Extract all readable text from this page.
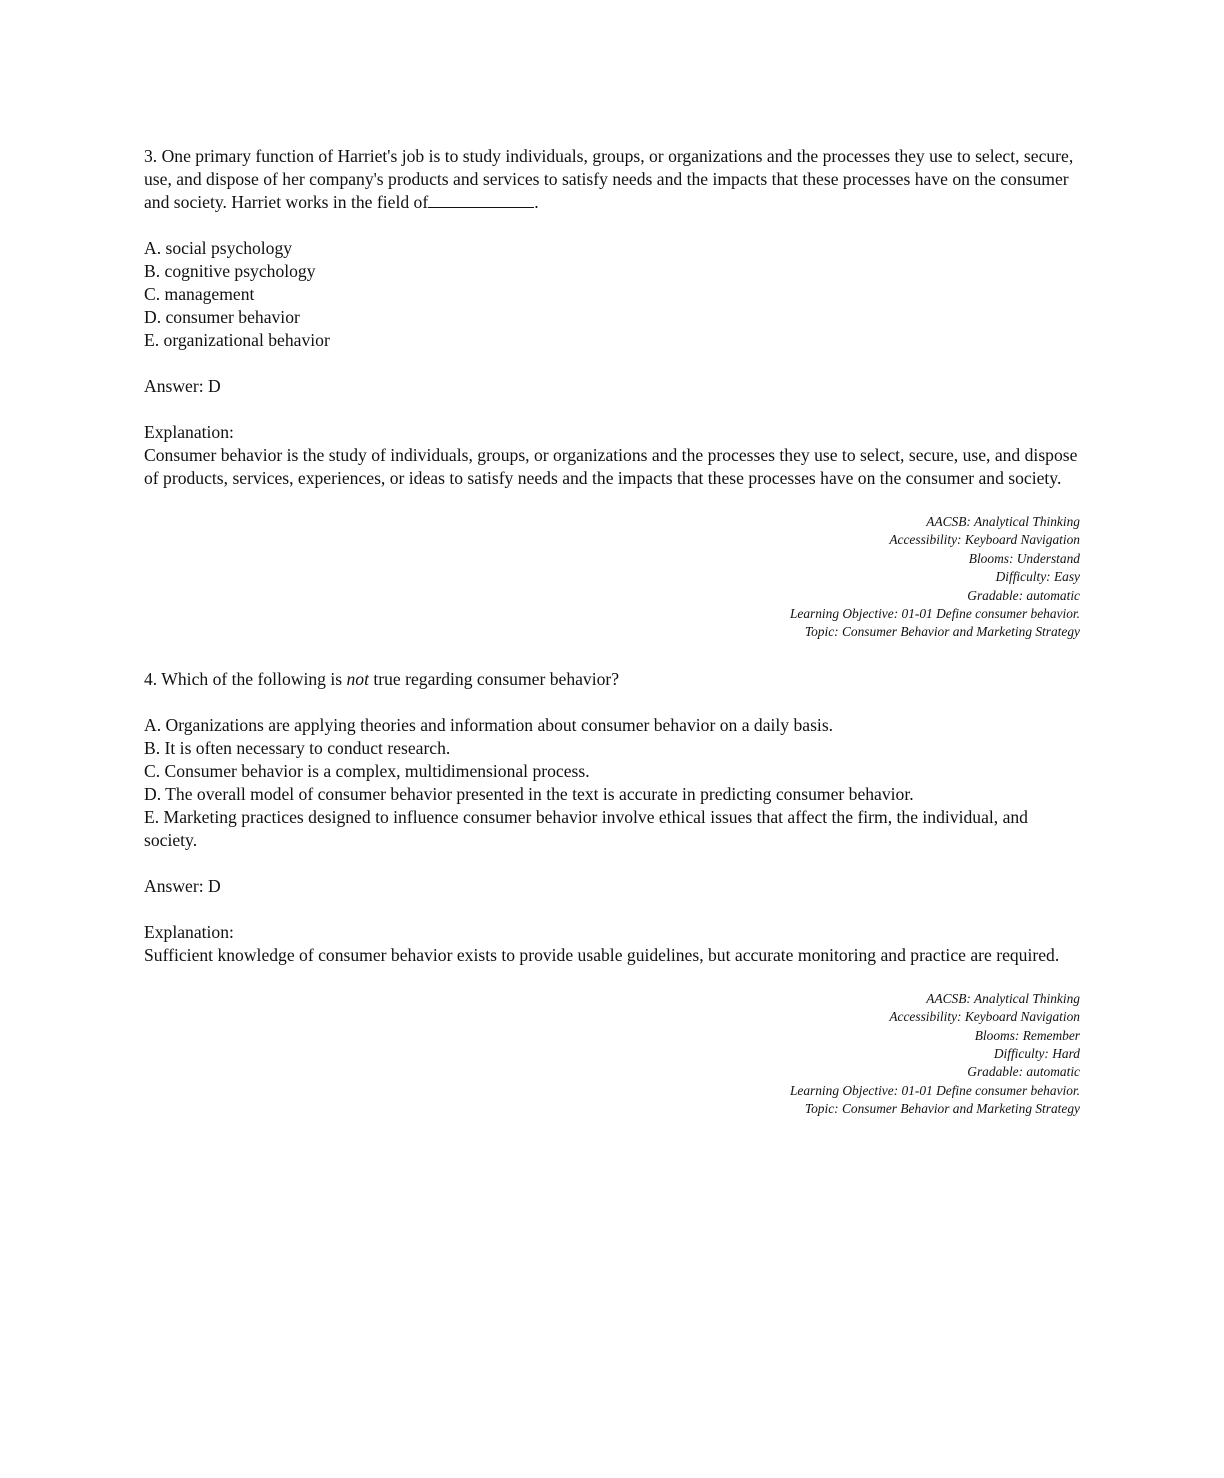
3. One primary function of Harriet's job is to study individuals, groups, or organizations and the processes they use to select, secure, use, and dispose of her company's products and services to satisfy needs and the impacts that these processes have on the consumer and society. Harriet works in the field of	.

A. social psychology

B. cognitive psychology

C. management

D. consumer behavior

E. organizational behavior

Answer: D

Explanation:

Consumer behavior is the study of individuals, groups, or organizations and the processes they use to select, secure, use, and dispose of products, services, experiences, or ideas to satisfy needs and the impacts that these processes have on the consumer and society.

AACSB: Analytical Thinking
Accessibility: Keyboard Navigation
Blooms: Understand
Difficulty: Easy
Gradable: automatic
Learning Objective: 01-01 Define consumer behavior.
Topic: Consumer Behavior and Marketing Strategy

4. Which of the following is not true regarding consumer behavior?

A. Organizations are applying theories and information about consumer behavior on a daily basis.

B. It is often necessary to conduct research.

C. Consumer behavior is a complex, multidimensional process.

D. The overall model of consumer behavior presented in the text is accurate in predicting consumer behavior.

E. Marketing practices designed to influence consumer behavior involve ethical issues that affect the firm, the individual, and society.

Answer: D

Explanation:

Sufficient knowledge of consumer behavior exists to provide usable guidelines, but accurate monitoring and practice are required.

AACSB: Analytical Thinking
Accessibility: Keyboard Navigation
Blooms: Remember
Difficulty: Hard
Gradable: automatic
Learning Objective: 01-01 Define consumer behavior.
Topic: Consumer Behavior and Marketing Strategy
